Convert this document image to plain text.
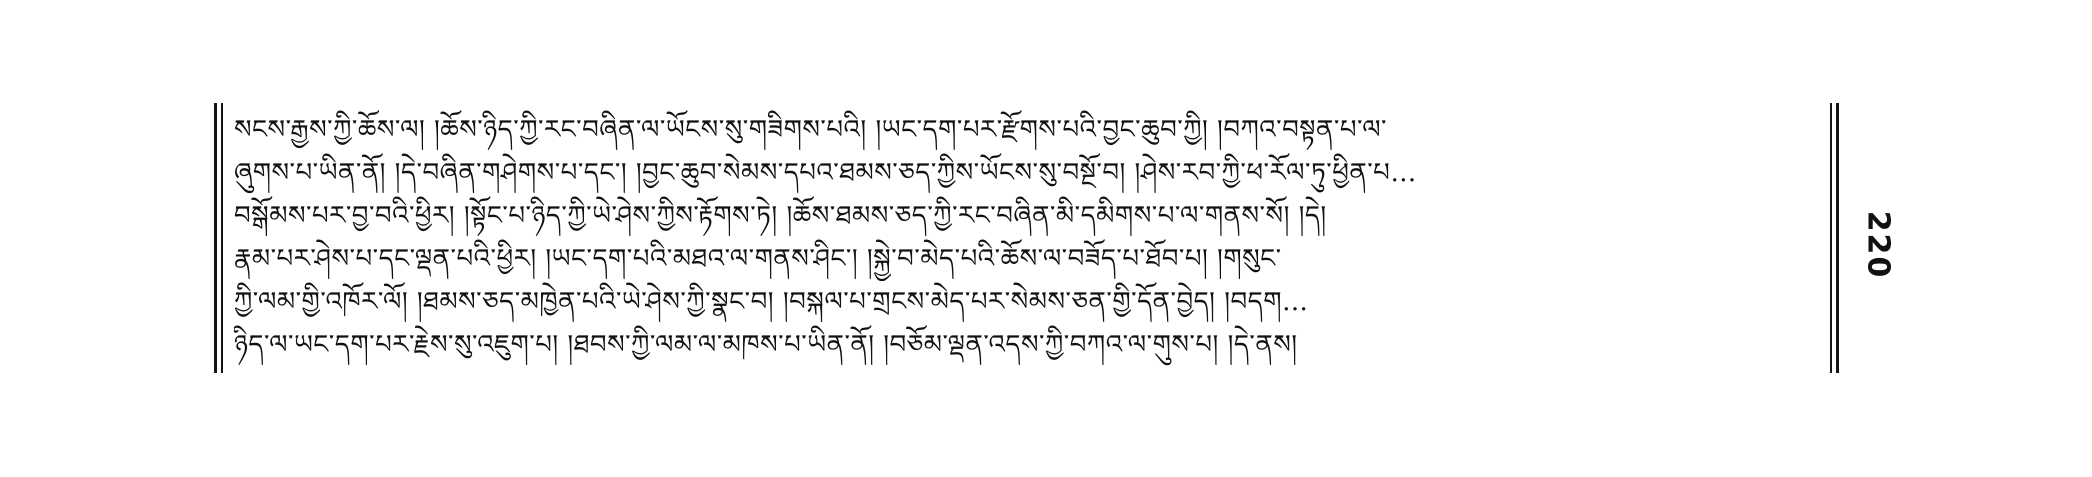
སངས་རྒྱས་ཀྱི་ཆོས་ལ། །ཆོས་ཉིད་ཀྱི་རང་བཞིན་ལ་ཡོངས་སུ་གཟིགས་པའི། །ཡང་དག་པར་རྫོགས་པའི་བྱང་ཆུབ་ཀྱི། །བཀའ་བསྟན་པ་ལ་
ཞུགས་པ་ཡིན་ནོ། །དེ་བཞིན་གཤེགས་པ་དང་། །བྱང་ཆུབ་སེམས་དཔའ་ཐམས་ཅད་ཀྱིས་ཡོངས་སུ་བསྔོ་བ། །ཤེས་རབ་ཀྱི་ཕ་རོལ་ཏུ་ཕྱིན་པ…
བསྒོམས་པར་བྱ་བའི་ཕྱིར། །སྟོང་པ་ཉིད་ཀྱི་ཡེ་ཤེས་ཀྱིས་རྟོགས་ཏེ། །ཆོས་ཐམས་ཅད་ཀྱི་རང་བཞིན་མི་དམིགས་པ་ལ་གནས་སོ། །དེ།
རྣམ་པར་ཤེས་པ་དང་ལྡན་པའི་ཕྱིར། །ཡང་དག་པའི་མཐའ་ལ་གནས་ཤིང་། །སྐྱེ་བ་མེད་པའི་ཆོས་ལ་བཟོད་པ་ཐོབ་པ། །གསུང་
ཀྱི་ལམ་གྱི་འཁོར་ལོ། །ཐམས་ཅད་མཁྱེན་པའི་ཡེ་ཤེས་ཀྱི་སྣང་བ། །བསྐལ་པ་གྲངས་མེད་པར་སེམས་ཅན་གྱི་དོན་བྱེད། །བདག…
ཉིད་ལ་ཡང་དག་པར་རྗེས་སུ་འཇུག་པ། །ཐབས་ཀྱི་ལམ་ལ་མཁས་པ་ཡིན་ནོ། །བཅོམ་ལྡན་འདས་ཀྱི་བཀའ་ལ་གུས་པ། །དེ་ནས།
220
